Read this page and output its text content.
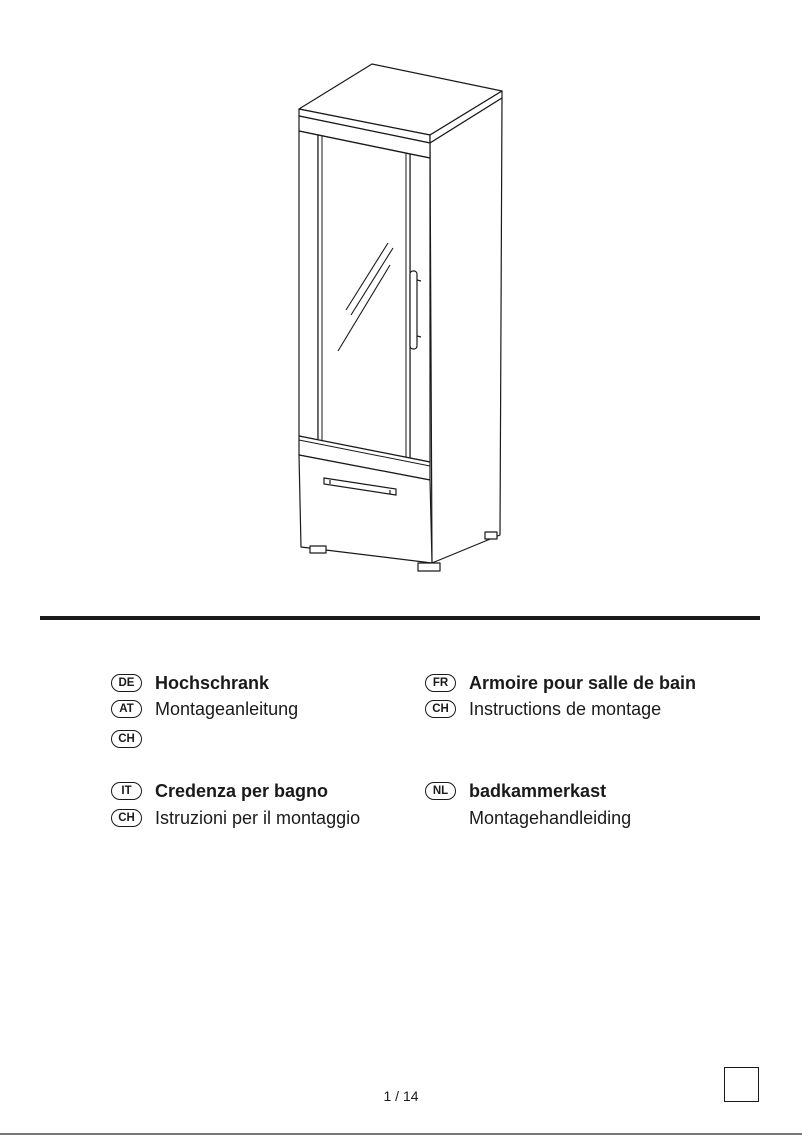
DE	Hochschrank
AT	Montageanleitung
CH
FR	Armoire pour salle de bain
CH	Instructions de montage
IT	Credenza per bagno
CH	Istruzioni per il montaggio
NL	badkammerkast
Montagehandleiding
1 / 14
